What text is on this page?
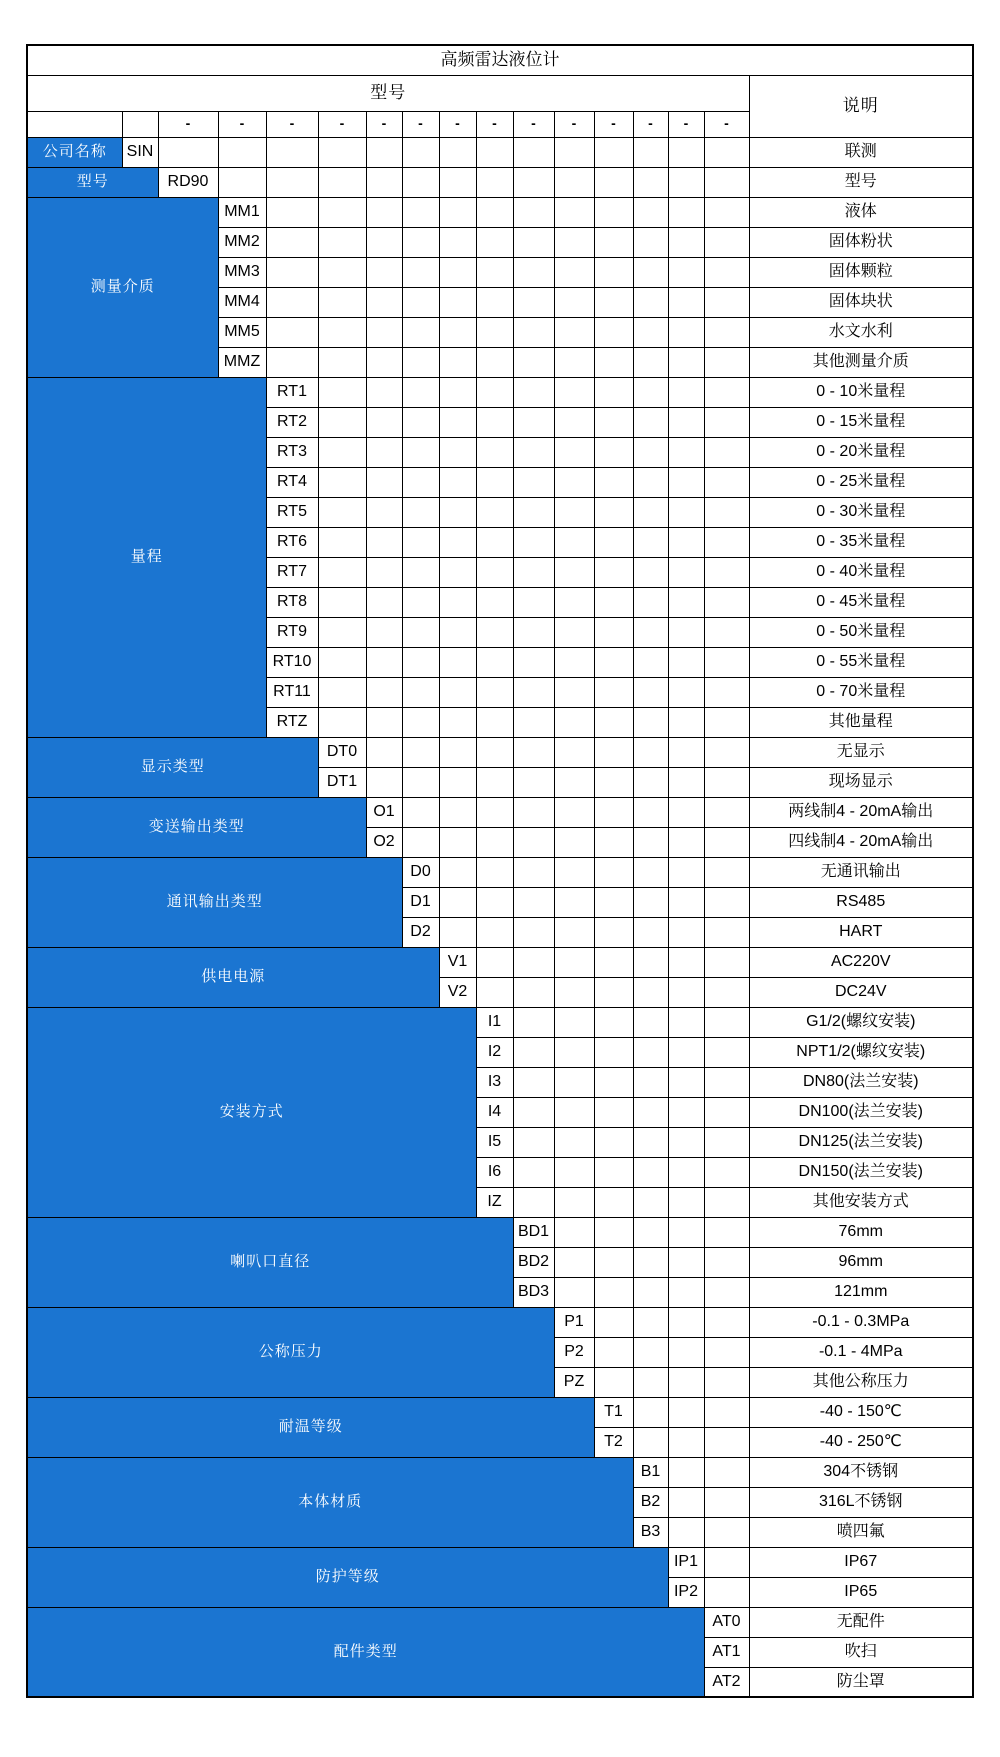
高频雷达液位计																
型号																说明
		-	-	-	-	-	-	-	-	-	-	-	-	-	-	
公司名称	SIN															联测
型号		RD90														型号
测量介质			MM1													液体
			MM2													固体粉状
			MM3													固体颗粒
			MM4													固体块状
			MM5													水文水利
			MMZ													其他测量介质
量程				RT1												0 - 10米量程
				RT2												0 - 15米量程
				RT3												0 - 20米量程
				RT4												0 - 25米量程
				RT5												0 - 30米量程
				RT6												0 - 35米量程
				RT7												0 - 40米量程
				RT8												0 - 45米量程
				RT9												0 - 50米量程
				RT10												0 - 55米量程
				RT11												0 - 70米量程
				RTZ												其他量程
显示类型					DT0											无显示
					DT1											现场显示
变送输出类型						O1										两线制4 - 20mA输出
						O2										四线制4 - 20mA输出
通讯输出类型							D0									无通讯输出
							D1									RS485
							D2									HART
供电电源								V1								AC220V
								V2								DC24V
安装方式									I1							G1/2(螺纹安装)
									I2							NPT1/2(螺纹安装)
									I3							DN80(法兰安装)
									I4							DN100(法兰安装)
									I5							DN125(法兰安装)
									I6							DN150(法兰安装)
									IZ							其他安装方式
喇叭口直径										BD1						76mm
										BD2						96mm
										BD3						121mm
公称压力											P1					-0.1 - 0.3MPa
											P2					-0.1 - 4MPa
											PZ					其他公称压力
耐温等级												T1				-40 - 150℃
												T2				-40 - 250℃
本体材质													B1			304不锈钢
													B2			316L不锈钢
													B3			喷四氟
防护等级														IP1		IP67
														IP2		IP65
配件类型															AT0	无配件
															AT1	吹扫
															AT2	防尘罩
